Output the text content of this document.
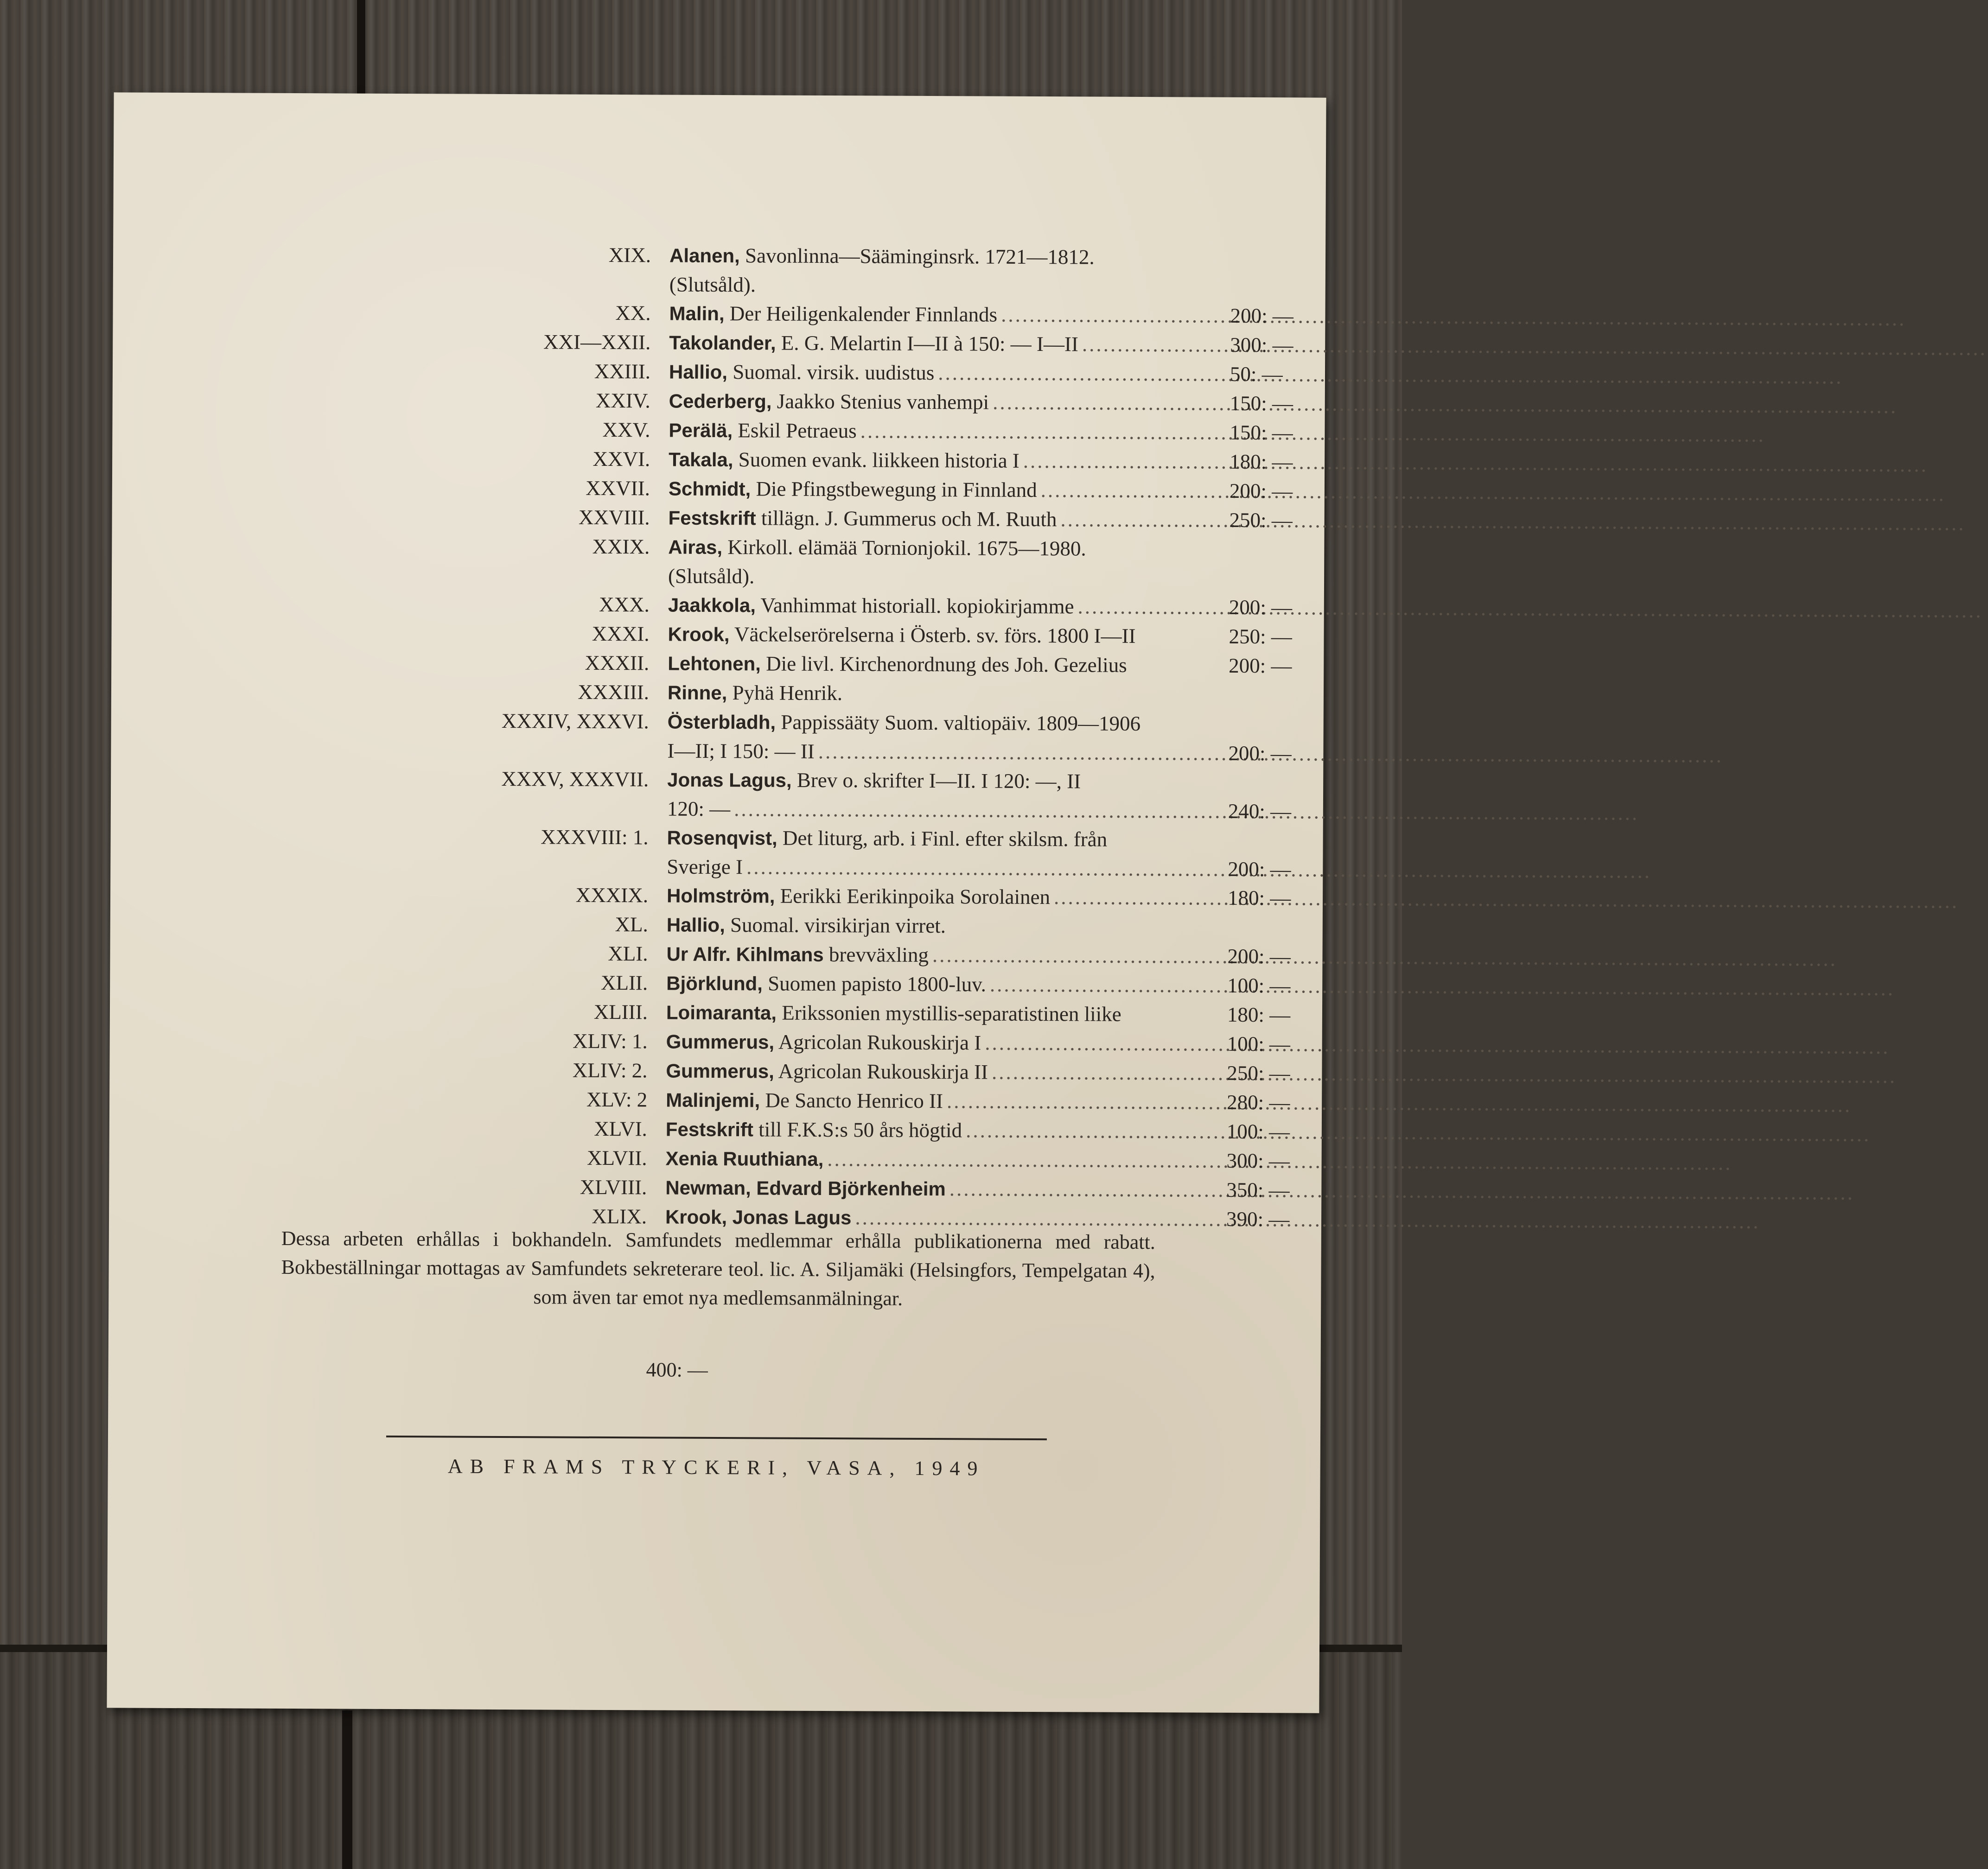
XIX. Alanen, Savonlinna—Sääminginsrk. 1721—1812.
(Slutsåld).
XX. Malin, Der Heiligenkalender Finnlands .....	200: —
XXI—XXII. Takolander, E. G. Melartin I—II à 150: — I—II .....	300: —
XXIII. Hallio, Suomal. virsik. uudistus .....	50: —
XXIV. Cederberg, Jaakko Stenius vanhempi .....	150: —
XXV. Perälä, Eskil Petraeus .....	150: —
XXVI. Takala, Suomen evank. liikkeen historia I .....	180: —
XXVII. Schmidt, Die Pfingstbewegung in Finnland .....	200: —
XXVIII. Festskrift tillägn. J. Gummerus och M. Ruuth .....	250: —
XXIX. Airas, Kirkoll. elämää Tornionjokil. 1675—1980.
(Slutsåld).
XXX. Jaakkola, Vanhimmat historiall. kopiokirjamme .....	200: —
XXXI. Krook, Väckelserörelserna i Österb. sv. förs. 1800 I—II	250: —
XXXII. Lehtonen, Die livl. Kirchenordnung des Joh. Gezelius	200: —
XXXIII. Rinne, Pyhä Henrik.
XXXIV, XXXVI. Österbladh, Pappissääty Suom. valtiopäiv. 1809—1906
I—II; I 150: — II .....	200: —
XXXV, XXXVII. Jonas Lagus, Brev o. skrifter I—II. I 120: —, II
120: — .....	240: —
XXXVIII: 1. Rosenqvist, Det liturg, arb. i Finl. efter skilsm. från
Sverige I .....	200: —
XXXIX. Holmström, Eerikki Eerikinpoika Sorolainen .....	180: —
XL. Hallio, Suomal. virsikirjan virret.
XLI. Ur Alfr. Kihlmans brevväxling .....	200: —
XLII. Björklund, Suomen papisto 1800-luv. .....	100: —
XLIII. Loimaranta, Erikssonien mystillis-separatistinen liike	180: —
XLIV: 1. Gummerus, Agricolan Rukouskirja I .....	100: —
XLIV: 2. Gummerus, Agricolan Rukouskirja II .....	250: —
XLV: 2 Malinjemi, De Sancto Henrico II .....	280: —
XLVI. Festskrift till F.K.S:s 50 års högtid .....	100: —
XLVII. Xenia Ruuthiana, .....	300: —
XLVIII. Newman, Edvard Björkenheim .....	350: —
XLIX. Krook, Jonas Lagus .....	390: —
Dessa arbeten erhållas i bokhandeln. Samfundets medlemmar erhålla publikationerna med rabatt. Bokbeställningar mottagas av Samfundets sekreterare teol. lic. A. Siljamäki (Helsingfors, Tempelgatan 4), som även tar emot nya medlemsanmälningar.
400: —
AB FRAMS TRYCKERI, VASA, 1949
